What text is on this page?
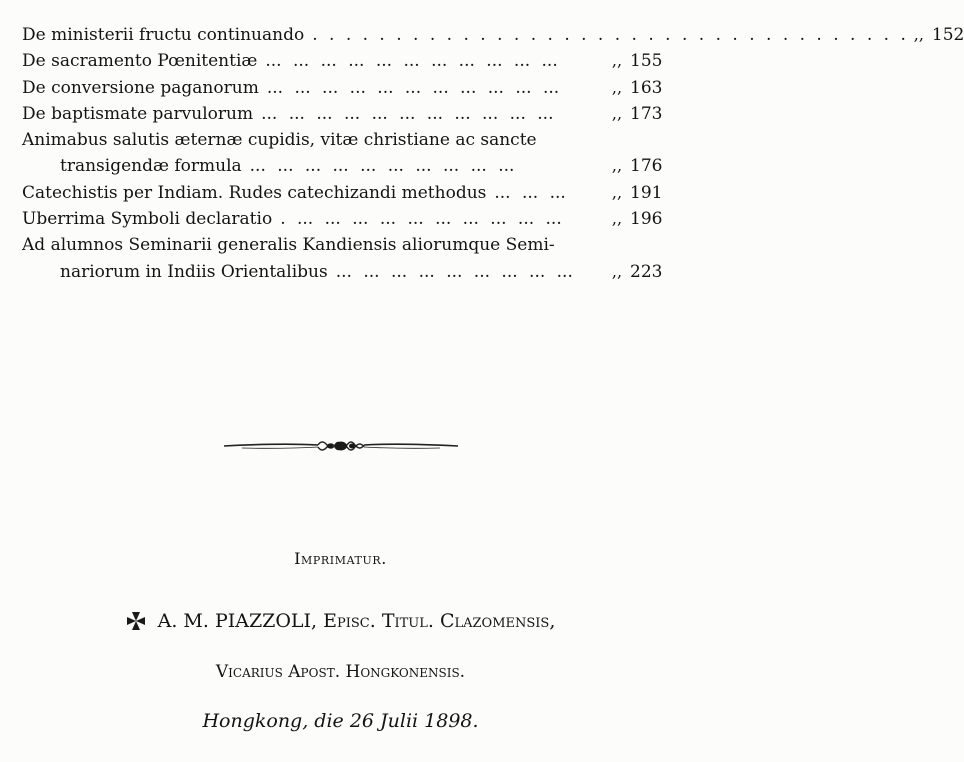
De ministerii fructu continuando . . . . . . . . . . . . . . . . . . . . . . . . . . . . . . . . . . . . ,, 152
De sacramento Pœnitentiæ ... ... ... ... ... ... ... ... ... ... ...	,, 155
De conversione paganorum ... ... ... ... ... ... ... ... ... ... ...	,, 163
De baptismate parvulorum ... ... ... ... ... ... ... ... ... ... ...	,, 173
Animabus salutis æternæ cupidis, vitæ christiane ac sancte
transigendæ formula ... ... ... ... ... ... ... ... ... ...	,, 176
Catechistis per Indiam. Rudes catechizandi methodus ... ... ...	,, 191
Uberrima Symboli declaratio . ... ... ... ... ... ... ... ... ... ...	,, 196
Ad alumnos Seminarii generalis Kandiensis aliorumque Semi-
nariorum in Indiis Orientalibus ... ... ... ... ... ... ... ... ...	,, 223
Imprimatur.
A. M. PIAZZOLI, Episc. Titul. Clazomensis,
Vicarius Apost. Hongkonensis.
Hongkong, die 26 Julii 1898.
